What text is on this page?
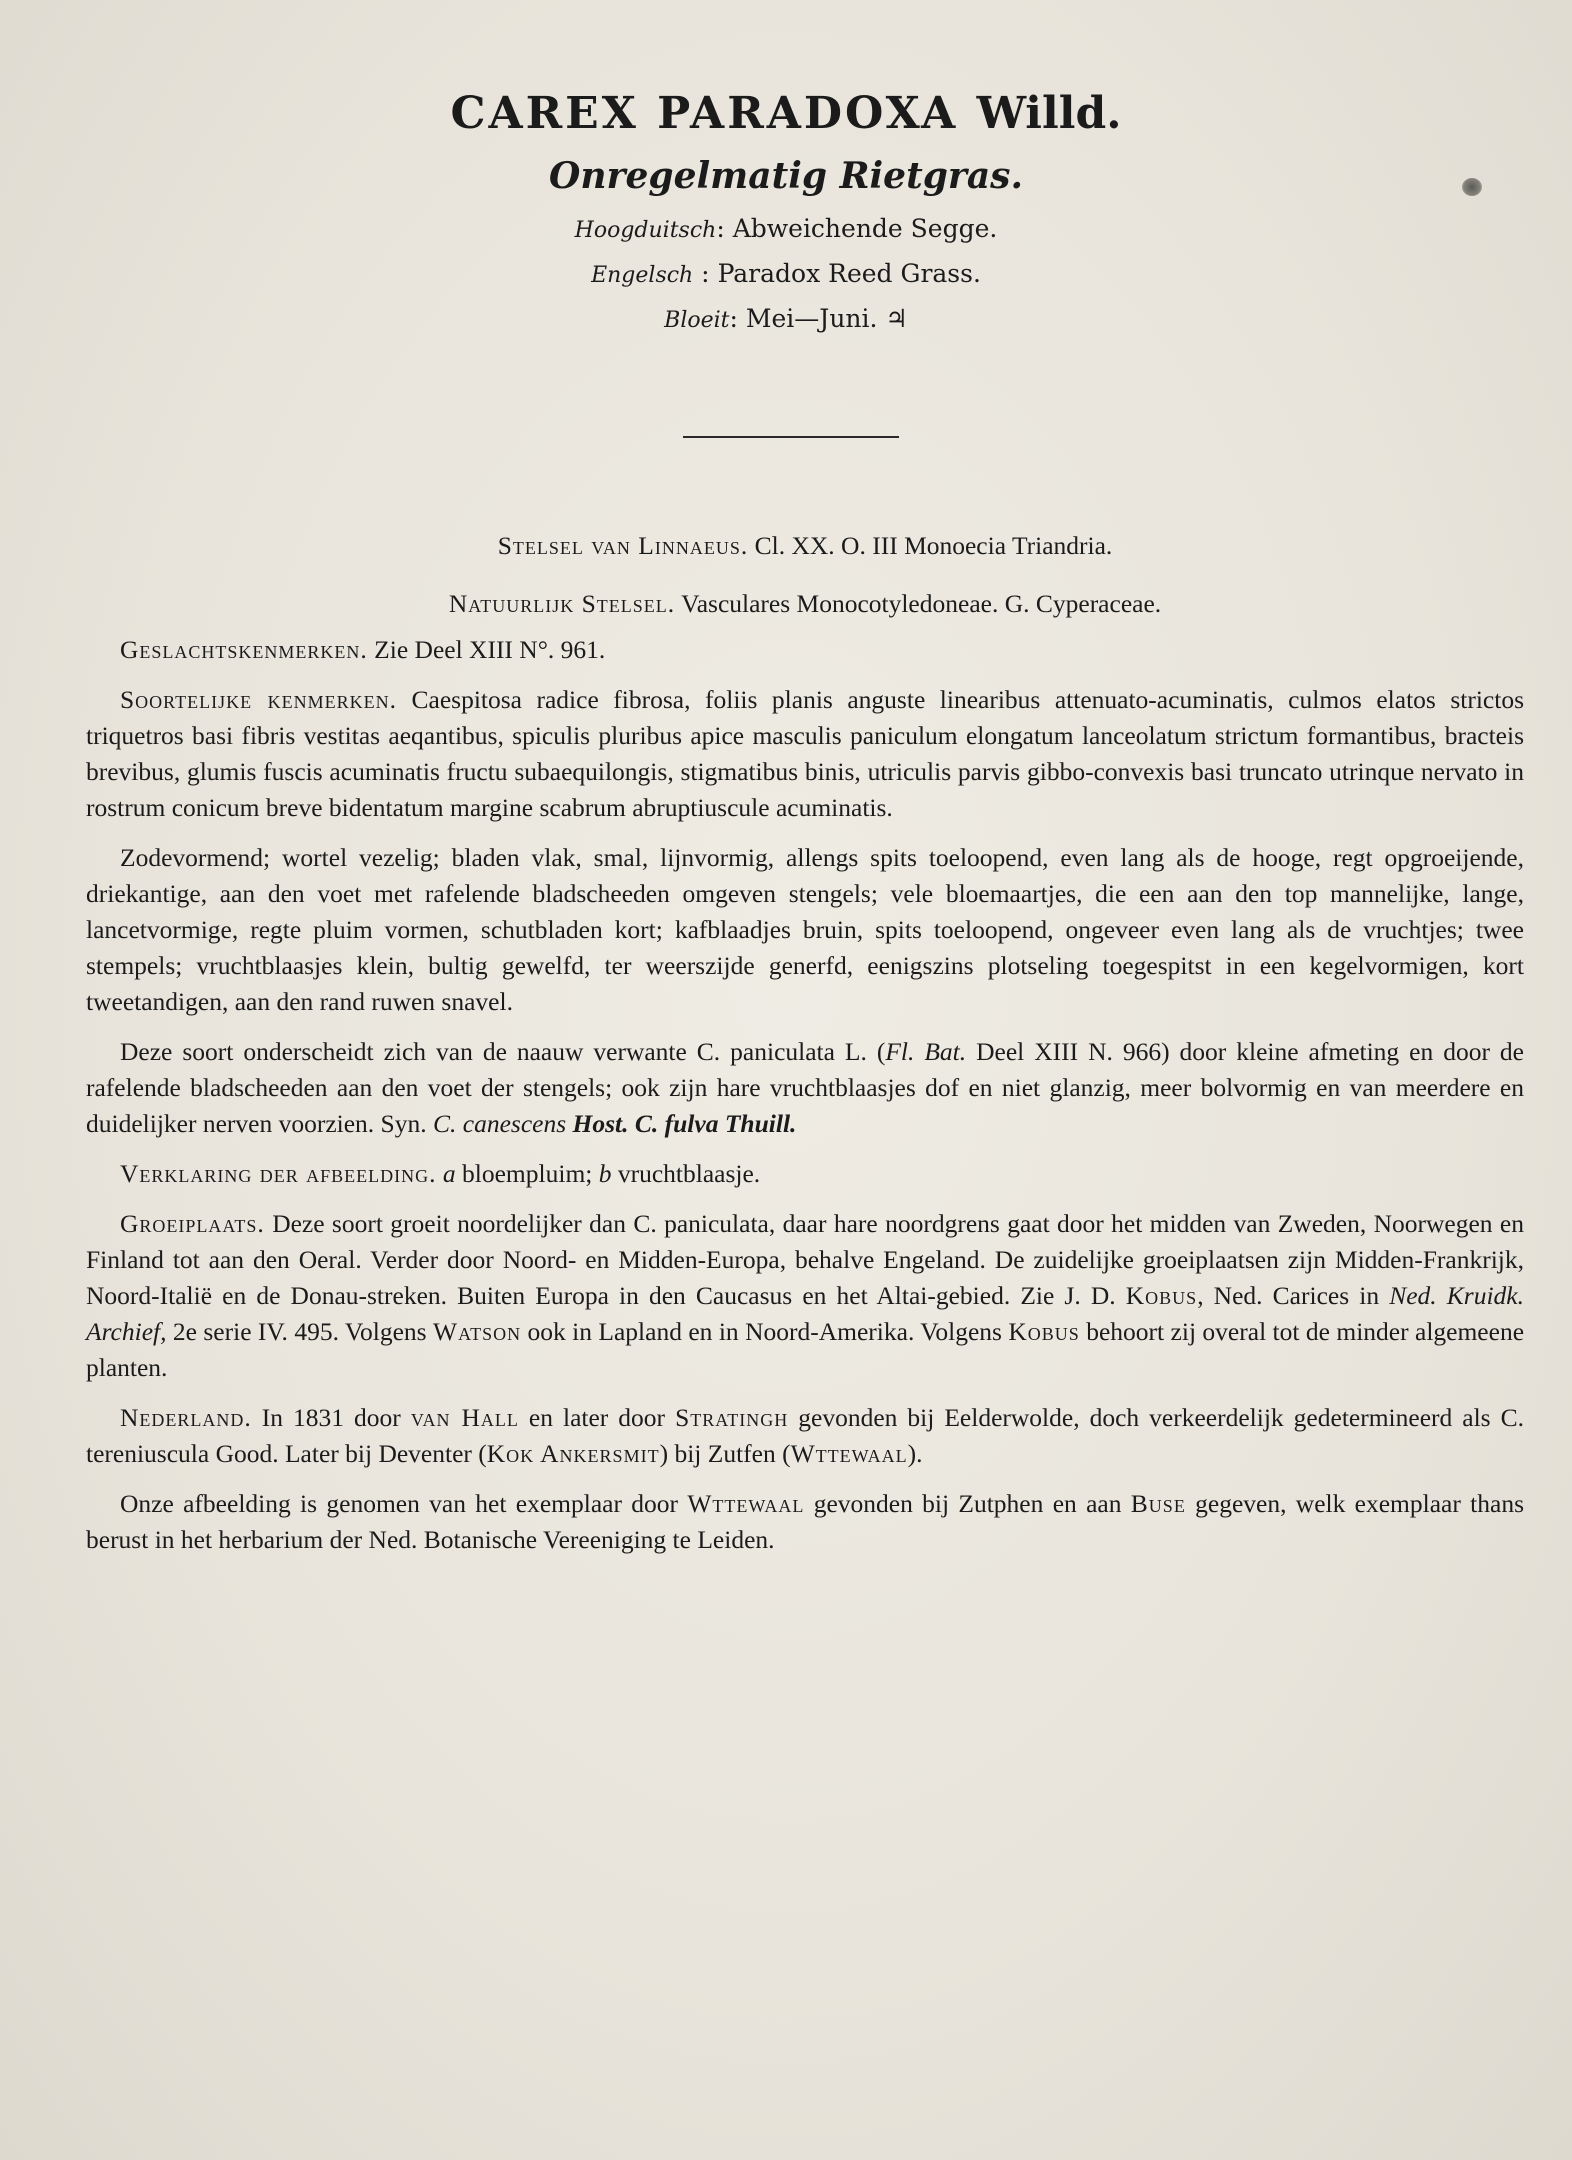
CAREX PARADOXA Willd.
Onregelmatig Rietgras.
Hoogduitsch: Abweichende Segge.
Engelsch : Paradox Reed Grass.
Bloeit: Mei—Juni. ♃

Stelsel van Linnaeus. Cl. XX. O. III Monoecia Triandria.

Natuurlijk Stelsel. Vasculares Monocotyledoneae. G. Cyperaceae.

Geslachtskenmerken. Zie Deel XIII N°. 961.

Soortelijke kenmerken. Caespitosa radice fibrosa, foliis planis anguste linearibus attenuato-acuminatis, culmos elatos strictos triquetros basi fibris vestitas aeqantibus, spiculis pluribus apice masculis paniculum elongatum lanceolatum strictum formantibus, bracteis brevibus, glumis fuscis acuminatis fructu subaequilongis, stigmatibus binis, utriculis parvis gibbo-convexis basi truncato utrinque nervato in rostrum conicum breve bidentatum margine scabrum abruptiuscule acuminatis.

Zodevormend; wortel vezelig; bladen vlak, smal, lijnvormig, allengs spits toeloopend, even lang als de hooge, regt opgroeijende, driekantige, aan den voet met rafelende bladscheeden omgeven stengels; vele bloemaartjes, die een aan den top mannelijke, lange, lancetvormige, regte pluim vormen, schutbladen kort; kafblaadjes bruin, spits toeloopend, ongeveer even lang als de vruchtjes; twee stempels; vruchtblaasjes klein, bultig gewelfd, ter weerszijde generfd, eenigszins plotseling toegespitst in een kegelvormigen, kort tweetandigen, aan den rand ruwen snavel.

Deze soort onderscheidt zich van de naauw verwante C. paniculata L. (Fl. Bat. Deel XIII N. 966) door kleine afmeting en door de rafelende bladscheeden aan den voet der stengels; ook zijn hare vruchtblaasjes dof en niet glanzig, meer bolvormig en van meerdere en duidelijker nerven voorzien. Syn. C. canescens Host. C. fulva Thuill.

Verklaring der afbeelding. a bloempluim; b vruchtblaasje.

Groeiplaats. Deze soort groeit noordelijker dan C. paniculata, daar hare noordgrens gaat door het midden van Zweden, Noorwegen en Finland tot aan den Oeral. Verder door Noord- en Midden-Europa, behalve Engeland. De zuidelijke groeiplaatsen zijn Midden-Frankrijk, Noord-Italië en de Donau-streken. Buiten Europa in den Caucasus en het Altai-gebied. Zie J. D. Kobus, Ned. Carices in Ned. Kruidk. Archief, 2e serie IV. 495. Volgens Watson ook in Lapland en in Noord-Amerika. Volgens Kobus behoort zij overal tot de minder algemeene planten.

Nederland. In 1831 door van Hall en later door Stratingh gevonden bij Eelderwolde, doch verkeerdelijk gedetermineerd als C. tereniuscula Good. Later bij Deventer (Kok Ankersmit) bij Zutfen (Wttewaal).

Onze afbeelding is genomen van het exemplaar door Wttewaal gevonden bij Zutphen en aan Buse gegeven, welk exemplaar thans berust in het herbarium der Ned. Botanische Vereeniging te Leiden.
